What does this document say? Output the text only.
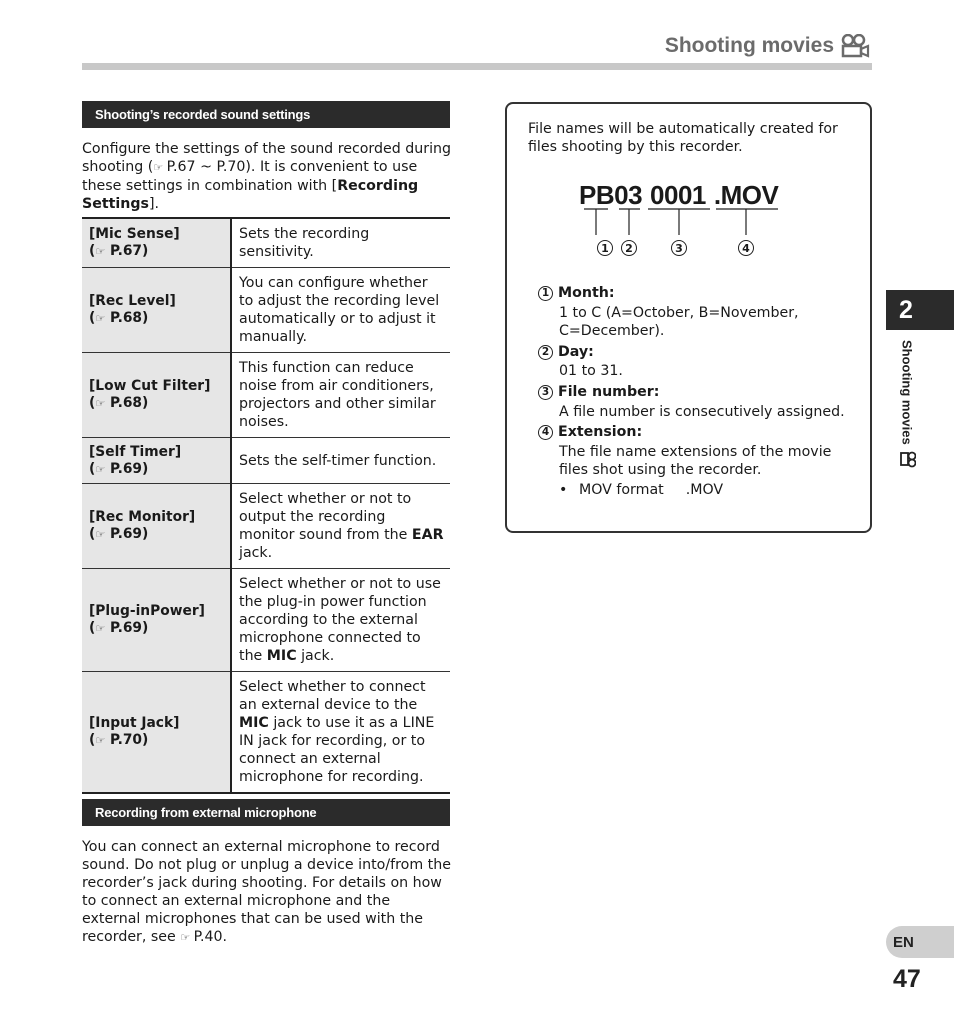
Shooting movies
Shooting’s recorded sound settings
Configure the settings of the sound recorded during shooting (☞ P.67 ~ P.70). It is convenient to use these settings in combination with [Recording Settings].
[Mic Sense]
(☞ P.67)	Sets the recording sensitivity.

[Rec Level]
(☞ P.68)	You can configure whether to adjust the recording level automatically or to adjust it manually.

[Low Cut Filter]
(☞ P.68)	This function can reduce noise from air conditioners, projectors and other similar noises.

[Self Timer]
(☞ P.69)	Sets the self-timer function.

[Rec Monitor]
(☞ P.69)	Select whether or not to output the recording monitor sound from the EAR jack.

[Plug-inPower]
(☞ P.69)	Select whether or not to use the plug-in power function according to the external microphone connected to the MIC jack.

[Input Jack]
(☞ P.70)	Select whether to connect an external device to the MIC jack to use it as a LINE IN jack for recording, or to connect an external microphone for recording.
Recording from external microphone
You can connect an external microphone to record sound. Do not plug or unplug a device into/from the recorder’s jack during shooting. For details on how to connect an external microphone and the external microphones that can be used with the recorder, see ☞ P.40.
File names will be automatically created for files shooting by this recorder.
PB03 0001 .MOV
1	2	3	4
1 Month:
1 to C (A=October, B=November, C=December).
2 Day:
01 to 31.
3 File number:
A file number is consecutively assigned.
4 Extension:
The file name extensions of the movie files shot using the recorder.
• MOV format .MOV
2
Shooting movies
EN
47
